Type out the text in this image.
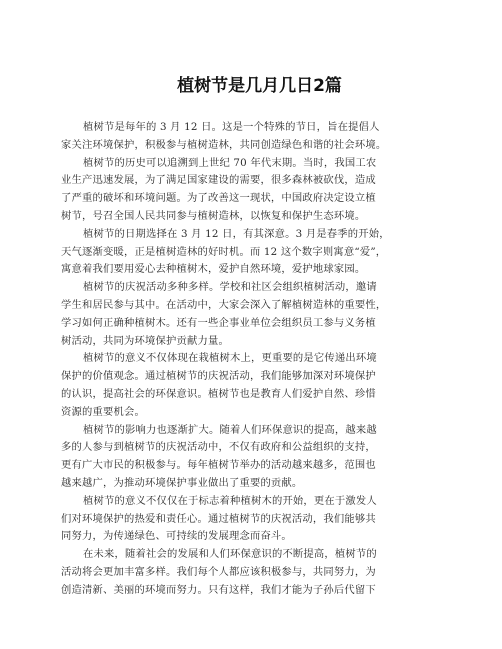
植树节是几月几日2篇
植树节是每年的 3 月 12 日。这是一个特殊的节日，旨在提倡人
家关注环境保护，积极参与植树造林，共同创造绿色和谐的社会环境。
植树节的历史可以追溯到上世纪 70 年代末期。当时，我国工农
业生产迅速发展，为了满足国家建设的需要，很多森林被砍伐，造成
了严重的破坏和环境问题。为了改善这一现状，中国政府决定设立植
树节，号召全国人民共同参与植树造林，以恢复和保护生态环境。
植树节的日期选择在 3 月 12 日，有其深意。3 月是春季的开始，
天气逐渐变暖，正是植树造林的好时机。而 12 这个数字则寓意“爱”，
寓意着我们要用爱心去种植树木，爱护自然环境，爱护地球家园。
植树节的庆祝活动多种多样。学校和社区会组织植树活动，邀请
学生和居民参与其中。在活动中，大家会深入了解植树造林的重要性，
学习如何正确种植树木。还有一些企事业单位会组织员工参与义务植
树活动，共同为环境保护贡献力量。
植树节的意义不仅体现在栽植树木上，更重要的是它传递出环境
保护的价值观念。通过植树节的庆祝活动，我们能够加深对环境保护
的认识，提高社会的环保意识。植树节也是教育人们爱护自然、珍惜
资源的重要机会。
植树节的影响力也逐渐扩大。随着人们环保意识的提高，越来越
多的人参与到植树节的庆祝活动中，不仅有政府和公益组织的支持，
更有广大市民的积极参与。每年植树节举办的活动越来越多，范围也
越来越广，为推动环境保护事业做出了重要的贡献。
植树节的意义不仅仅在于标志着种植树木的开始，更在于激发人
们对环境保护的热爱和责任心。通过植树节的庆祝活动，我们能够共
同努力，为传递绿色、可持续的发展理念而奋斗。
在未来，随着社会的发展和人们环保意识的不断提高，植树节的
活动将会更加丰富多样。我们每个人都应该积极参与，共同努力，为
创造清新、美丽的环境而努力。只有这样，我们才能为子孙后代留下
